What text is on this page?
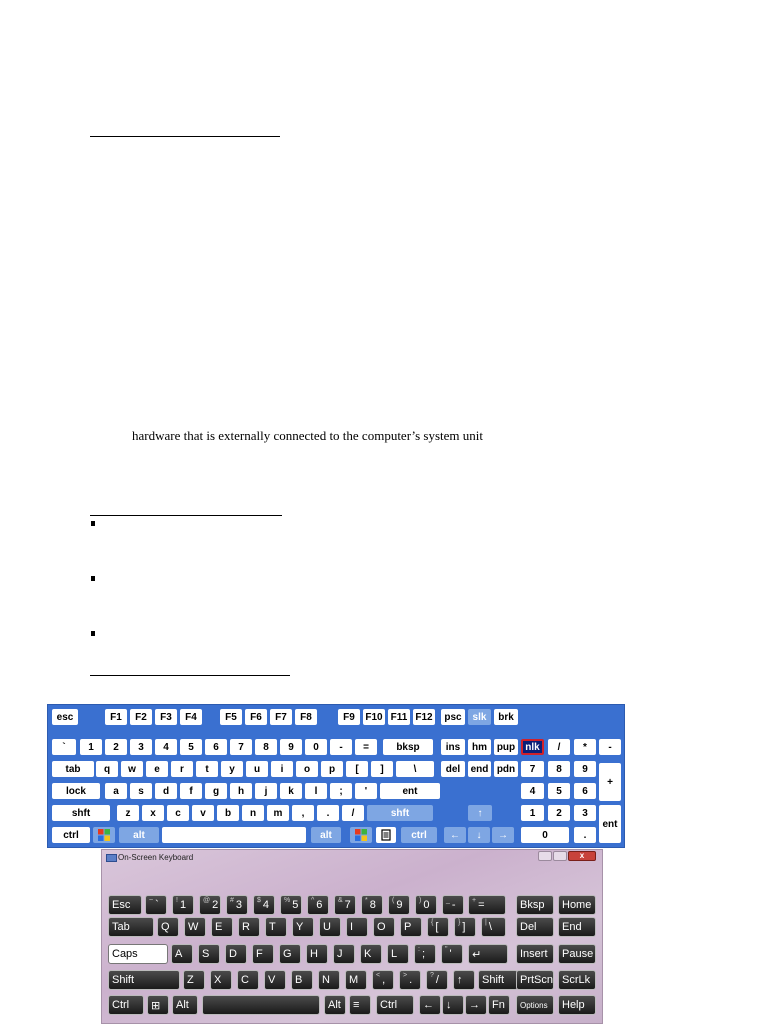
hardware that is externally connected to the computer’s system unit
esc	F1	F2	F3	F4	F5	F6	F7	F8	F9	F10 F11 F12	psc	slk	brk
`	1	2	3	4	5	6	7	8	9	0	-	=	bksp	ins	hm pup	nlk	/	*	-
tab	q	w	e	r	t	y	u	i	o	p	[	]	\	del	end pdn	7	8	9
lock	a	s	d	f	g	h	j	k	l	;	'	ent	4	5	6
+
shft	z	x	c	v	b	n	m	,	.	/	shft	↑	1	2	3
ctrl	alt	alt	ctrl	←	↓	→	0	.
ent
On-Screen Keyboard	x
Esc	~ ` ! 1 @ 2 # 3 $ 4 % 5 ^ 6 & 7 * 8 ( 9 ) 0 _ - + =	Bksp Home
Tab	Q W E R T Y U I O P	{ [	} ]	| \	Del End
Caps	A S D F G H J K L	: ;	" ' ↵	Insert Pause
Shift	Z X C V B N M	< ,	> .	? / ↑ Shift PrtScn ScrLk
Ctrl ⊞ Alt	Alt ≡ Ctrl ← ↓ → Fn Options Help
